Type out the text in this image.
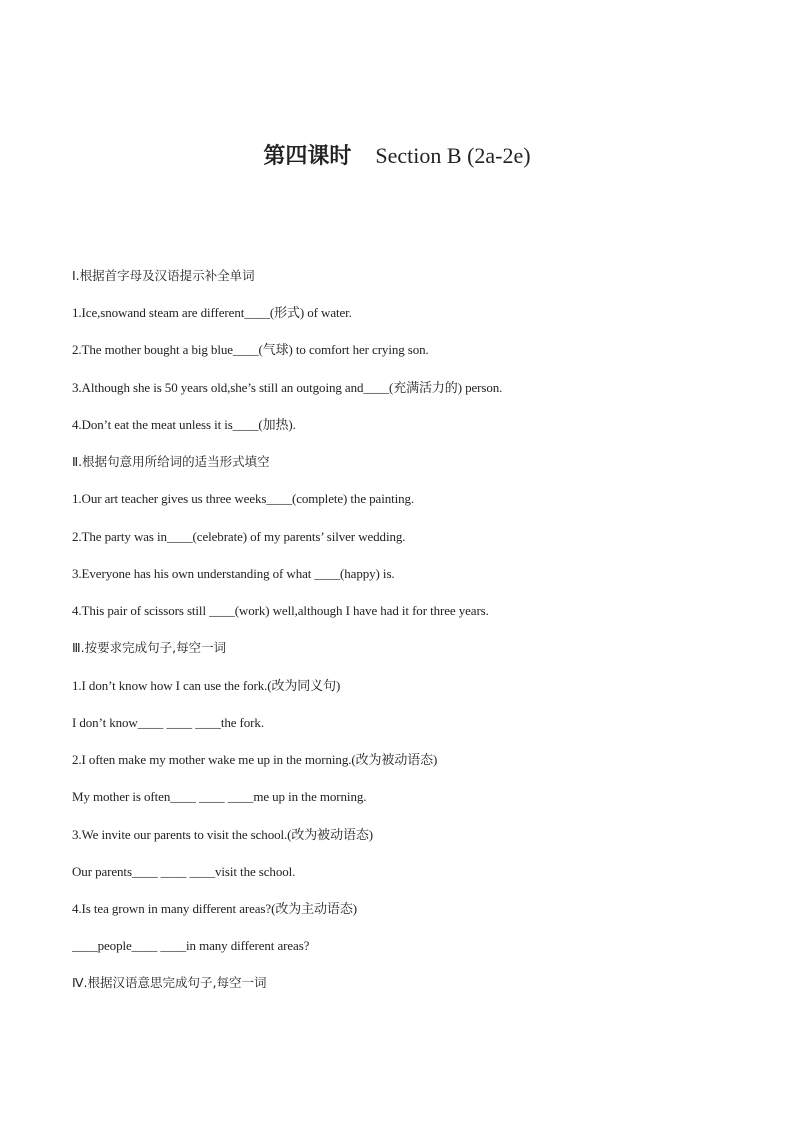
第四课时 Section B (2a-2e)
Ⅰ.根据首字母及汉语提示补全单词
1.Ice,snowand steam are different____(形式) of water.
2.The mother bought a big blue____(气球) to comfort her crying son.
3.Although she is 50 years old,she’s still an outgoing and____(充满活力的) person.
4.Don’t eat the meat unless it is____(加热).
Ⅱ.根据句意用所给词的适当形式填空
1.Our art teacher gives us three weeks____(complete) the painting.
2.The party was in____(celebrate) of my parents’ silver wedding.
3.Everyone has his own understanding of what ____(happy) is.
4.This pair of scissors still ____(work) well,although I have had it for three years.
Ⅲ.按要求完成句子,每空一词
1.I don’t know how I can use the fork.(改为同义句)
I don’t know____ ____ ____the fork.
2.I often make my mother wake me up in the morning.(改为被动语态)
My mother is often____ ____ ____me up in the morning.
3.We invite our parents to visit the school.(改为被动语态)
Our parents____ ____ ____visit the school.
4.Is tea grown in many different areas?(改为主动语态)
____people____ ____in many different areas?
Ⅳ.根据汉语意思完成句子,每空一词
